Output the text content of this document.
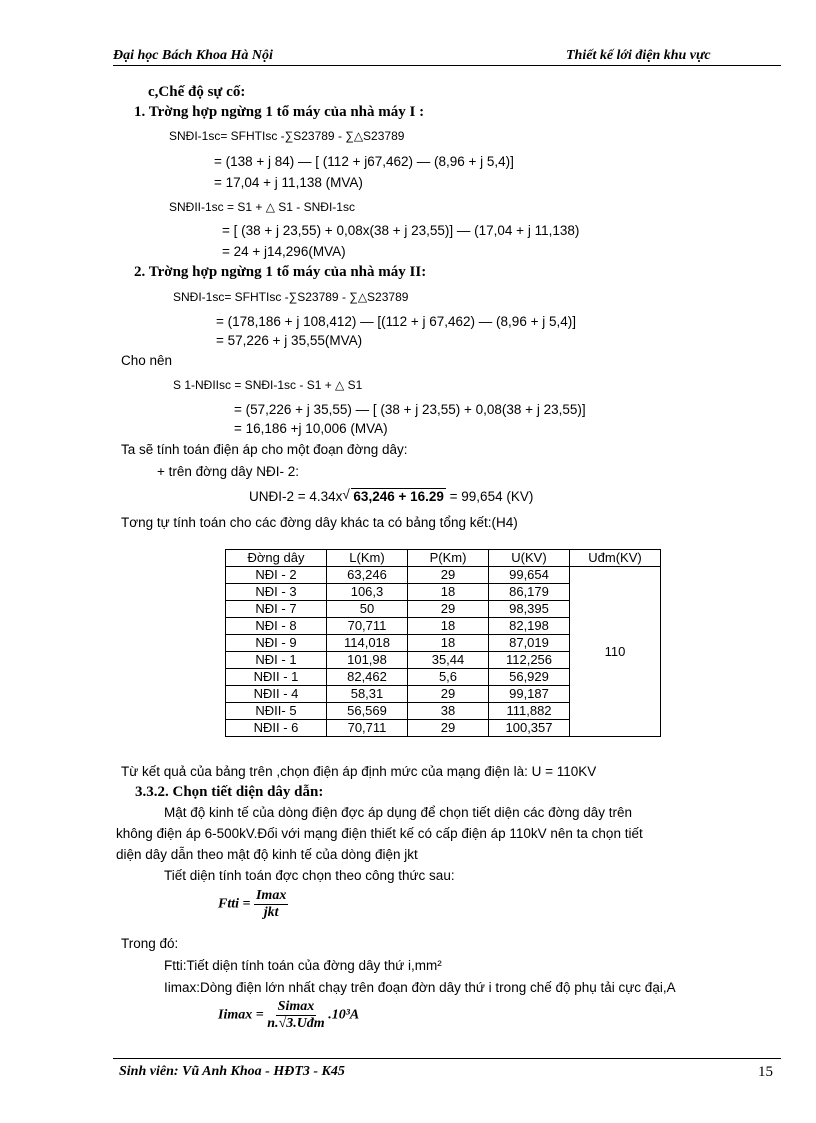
Đại học Bách Khoa Hà Nội	Thiết kế lới điện khu vực
c,Chế độ sự cố:
1. Trờng hợp ngừng 1 tổ máy của nhà máy I :
SNĐI-1sc= SFHTIsc -∑S23789 - ∑△S23789
= (138 + j 84) — [ (112 + j67,462) — (8,96 + j 5,4)]
= 17,04 + j 11,138 (MVA)
SNĐII-1sc = S1 + △ S1 - SNĐI-1sc
= [ (38 + j 23,55) + 0,08x(38 + j 23,55)] — (17,04 + j 11,138)
= 24 + j14,296(MVA)
2. Trờng hợp ngừng 1 tổ máy của nhà máy II:
SNĐI-1sc= SFHTIsc -∑S23789 - ∑△S23789
= (178,186 + j 108,412) — [(112 + j 67,462) — (8,96 + j 5,4)]
= 57,226 + j 35,55(MVA)
Cho nên
S 1-NĐIIsc = SNĐI-1sc - S1 + △ S1
= (57,226 + j 35,55) — [ (38 + j 23,55) + 0,08(38 + j 23,55)]
= 16,186 +j 10,006 (MVA)
Ta sẽ tính toán điện áp cho một đoạn đờng dây:
+ trên đờng dây NĐI- 2:
UNĐI-2 = 4.34x √ 63,246 + 16.29 = 99,654 (KV)
Tơng tự tính toán cho các đờng dây khác ta có bảng tổng kết:(H4)
Đờng dây	L(Km)	P(Km)	U(KV)	Uđm(KV)
NĐI - 2	63,246	29	99,654	110
NĐI - 3	106,3	18	86,179	
NĐI - 7	50	29	98,395	
NĐI - 8	70,711	18	82,198	
NĐI - 9	114,018	18	87,019	
NĐI - 1	101,98	35,44	112,256	
NĐII - 1	82,462	5,6	56,929	
NĐII - 4	58,31	29	99,187	
NĐII- 5	56,569	38	111,882	
NĐII - 6	70,711	29	100,357	
Từ kết quả của bảng trên ,chọn điện áp định mức của mạng điện là: U = 110KV
3.3.2. Chọn tiết diện dây dẫn:
Mật độ kinh tế của dòng điện đợc áp dụng để chọn tiết diện các đờng dây trên
không điện áp 6-500kV.Đối với mạng điện thiết kế có cấp điện áp 110kV nên ta chọn tiết
diện dây dẫn theo mật độ kinh tế của dòng điện jkt
Tiết diện tính toán đợc chọn theo công thức sau:
Ftti = $\frac{Imax}{\text{jkt}}$
Trong đó:
Ftti:Tiết diện tính toán của đờng dây thứ i,mm²
Iimax:Dòng điện lớn nhất chạy trên đoạn đờn dây thứ i trong chế độ phụ tải cực đại,A
$Iimax = \frac{Simax}{\text{n.√3.Uđm}} .10^3A$
Sinh viên: Vũ Anh Khoa - HĐT3 - K45	15
